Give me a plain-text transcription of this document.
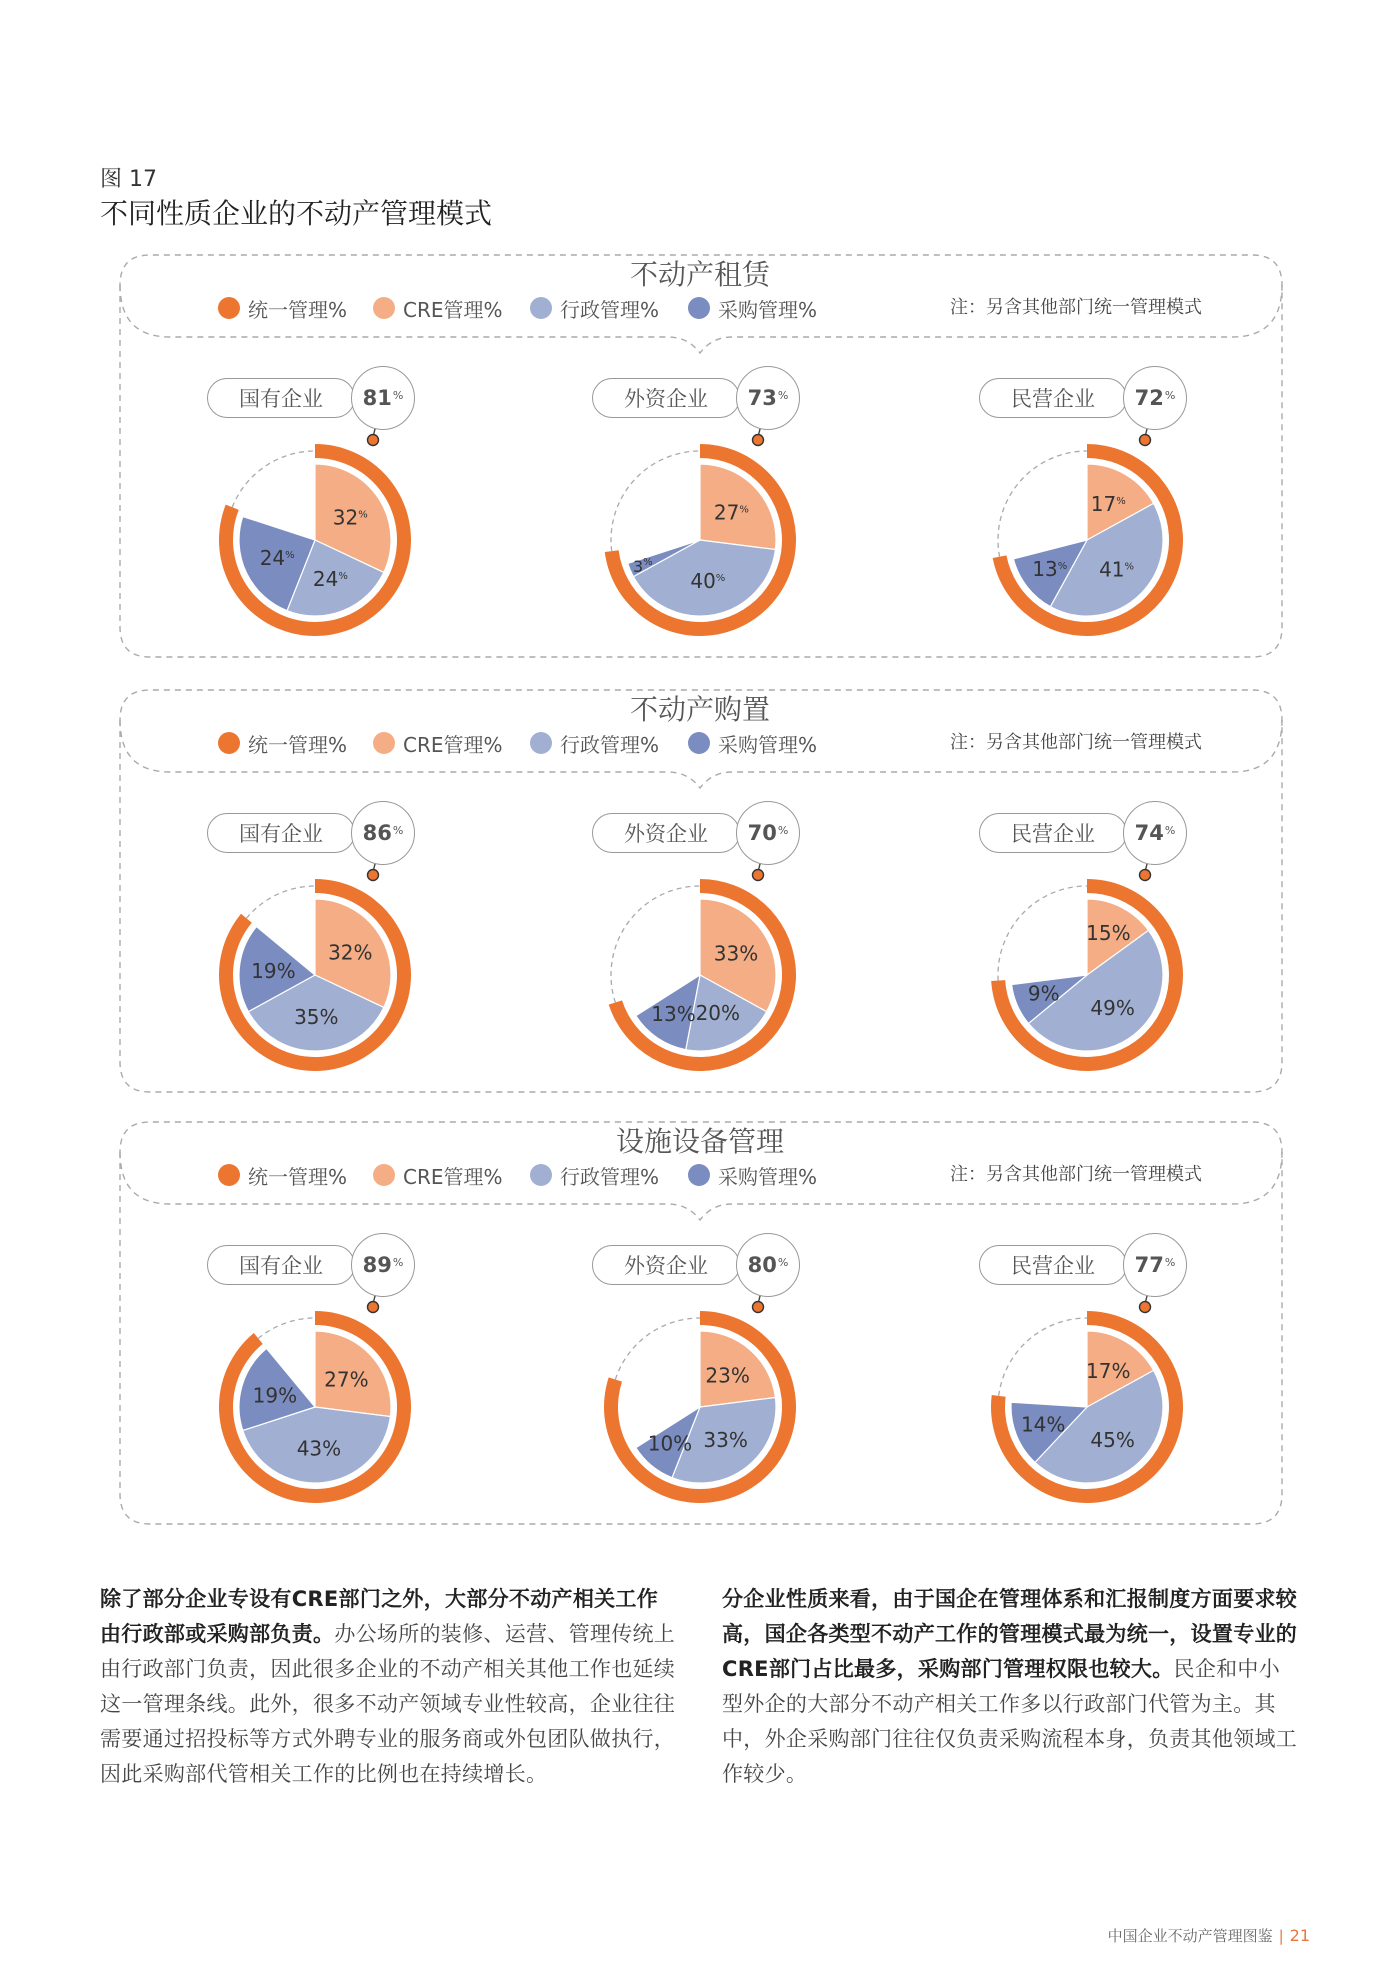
图 17
不同性质企业的不动产管理模式
32%
24%
24%
27%
40%
3%
17%
41%
13%
不动产租赁
统一管理%	CRE管理%	行政管理%	采购管理%	注：另含其他部门统一管理模式
国有企业	81%	外资企业	73%	民营企业	72%
32%
35%
19%
33%
20%
13%
15%
49%
9%
不动产购置
统一管理%	CRE管理%	行政管理%	采购管理%	注：另含其他部门统一管理模式
国有企业	86%	外资企业	70%	民营企业	74%
27%
43%
19%
23%
33%
10%
17%
45%
14%
设施设备管理
统一管理%	CRE管理%	行政管理%	采购管理%	注：另含其他部门统一管理模式
国有企业	89%	外资企业	80%	民营企业	77%
除了部分企业专设有CRE部门之外，大部分不动产相关工作由行政部或采购部负责。办公场所的装修、运营、管理传统上由行政部门负责，因此很多企业的不动产相关其他工作也延续这一管理条线。此外，很多不动产领域专业性较高，企业往往需要通过招投标等方式外聘专业的服务商或外包团队做执行，因此采购部代管相关工作的比例也在持续增长。
分企业性质来看，由于国企在管理体系和汇报制度方面要求较高，国企各类型不动产工作的管理模式最为统一，设置专业的CRE部门占比最多，采购部门管理权限也较大。民企和中小型外企的大部分不动产相关工作多以行政部门代管为主。其中，外企采购部门往往仅负责采购流程本身，负责其他领域工作较少。
中国企业不动产管理图鉴 | 21
